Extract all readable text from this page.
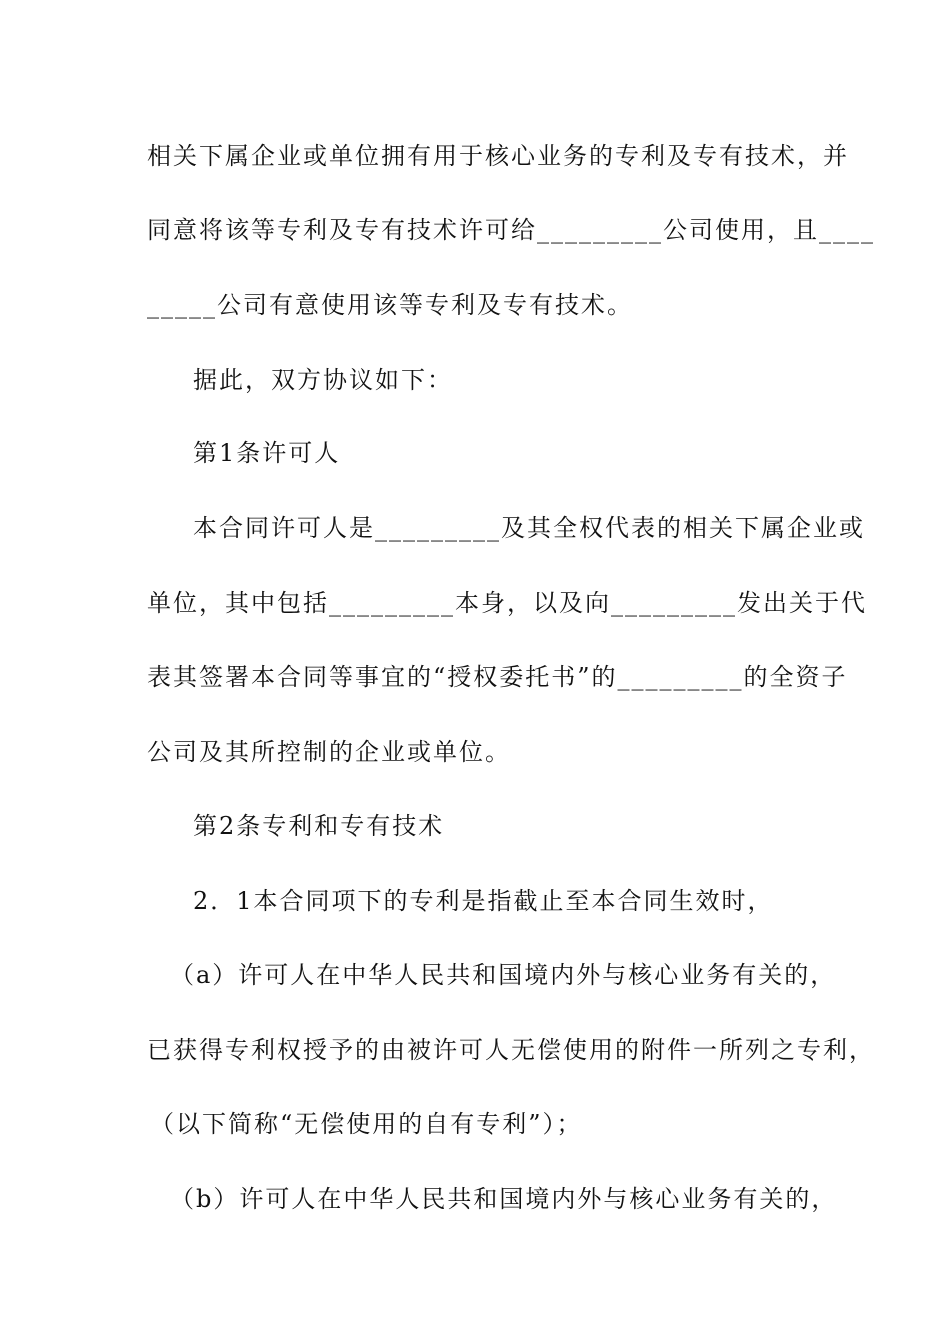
相关下属企业或单位拥有用于核心业务的专利及专有技术，并
同意将该等专利及专有技术许可给_________公司使用，且____
_____公司有意使用该等专利及专有技术。
据此，双方协议如下：
第1条许可人
本合同许可人是_________及其全权代表的相关下属企业或
单位，其中包括_________本身，以及向_________发出关于代
表其签署本合同等事宜的“授权委托书”的_________的全资子
公司及其所控制的企业或单位。
第2条专利和专有技术
2．1本合同项下的专利是指截止至本合同生效时，
（a）许可人在中华人民共和国境内外与核心业务有关的，
已获得专利权授予的由被许可人无偿使用的附件一所列之专利，
（以下简称“无偿使用的自有专利”）；
（b）许可人在中华人民共和国境内外与核心业务有关的，
